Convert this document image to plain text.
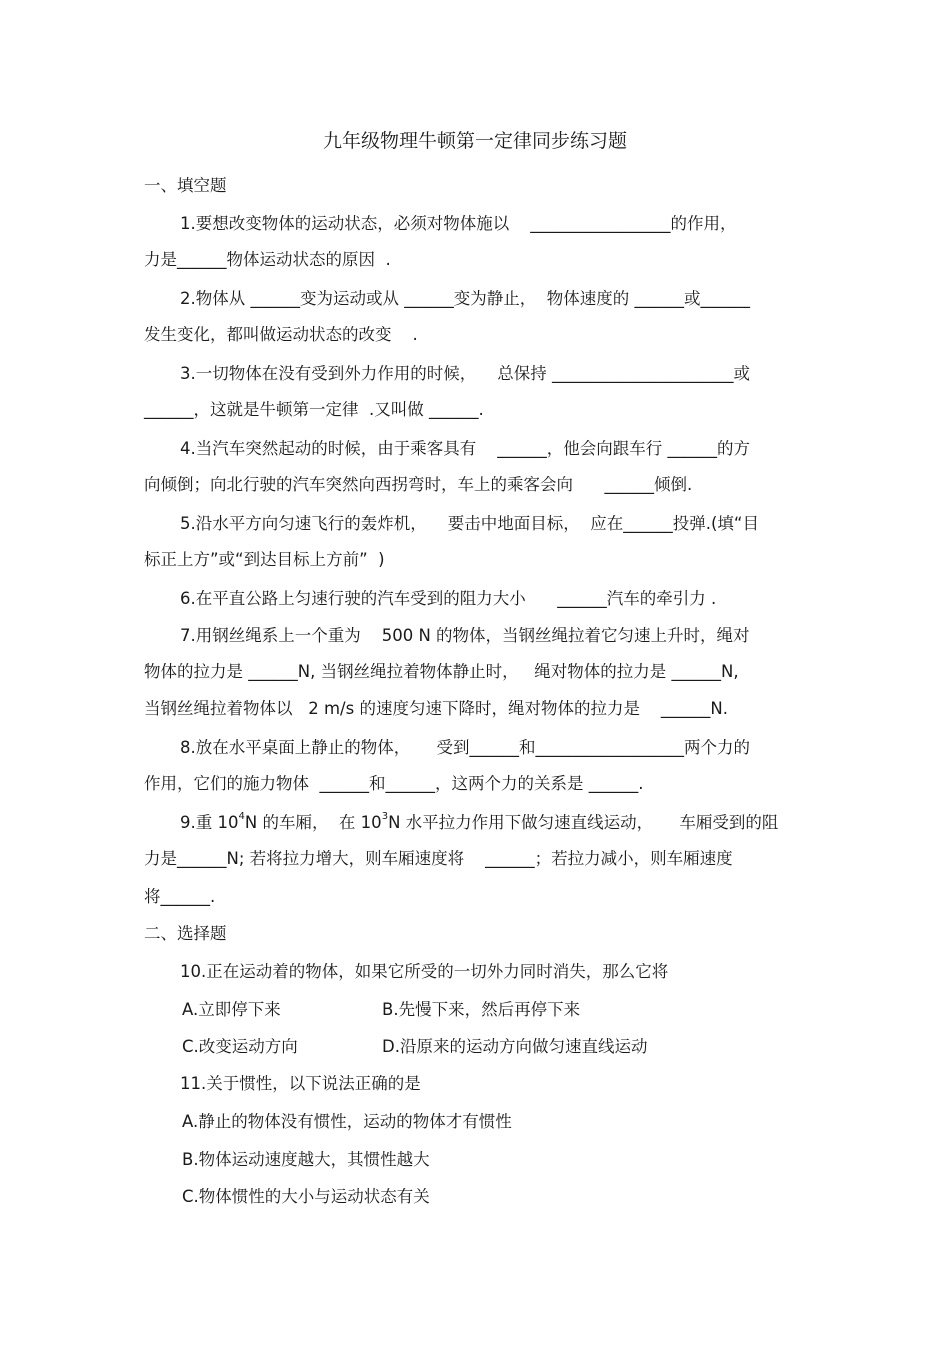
九年级物理牛顿第一定律同步练习题
一、填空题
1.要想改变物体的运动状态，必须对物体施以    _________________的作用，
力是______物体运动状态的原因  .
2.物体从 ______变为运动或从 ______变为静止，  物体速度的 ______或______
发生变化，都叫做运动状态的改变    .
3.一切物体在没有受到外力作用的时候，    总保持 ______________________或
______，这就是牛顿第一定律  .又叫做 ______.
4.当汽车突然起动的时候，由于乘客具有    ______，他会向跟车行 ______的方
向倾倒；向北行驶的汽车突然向西拐弯时，车上的乘客会向      ______倾倒.
5.沿水平方向匀速飞行的轰炸机，    要击中地面目标，  应在______投弹.(填“目
标正上方”或“到达目标上方前”  )
6.在平直公路上匀速行驶的汽车受到的阻力大小      ______汽车的牵引力 .
7.用钢丝绳系上一个重为    500 N 的物体，当钢丝绳拉着它匀速上升时，绳对
物体的拉力是 ______N, 当钢丝绳拉着物体静止时，   绳对物体的拉力是 ______N,
当钢丝绳拉着物体以   2 m/s 的速度匀速下降时，绳对物体的拉力是    ______N.
8.放在水平桌面上静止的物体，     受到______和__________________两个力的
作用，它们的施力物体  ______和______，这两个力的关系是 ______.
9.重 $10^4N$ 的车厢，  在 $10^3N$ 水平拉力作用下做匀速直线运动，     车厢受到的阻
力是______N; 若将拉力增大，则车厢速度将    ______；若拉力减小，则车厢速度
将______.
二、选择题
10.正在运动着的物体，如果它所受的一切外力同时消失，那么它将
A.立即停下来	B.先慢下来，然后再停下来
C.改变运动方向	D.沿原来的运动方向做匀速直线运动
11.关于惯性，以下说法正确的是
A.静止的物体没有惯性，运动的物体才有惯性
B.物体运动速度越大，其惯性越大
C.物体惯性的大小与运动状态有关
